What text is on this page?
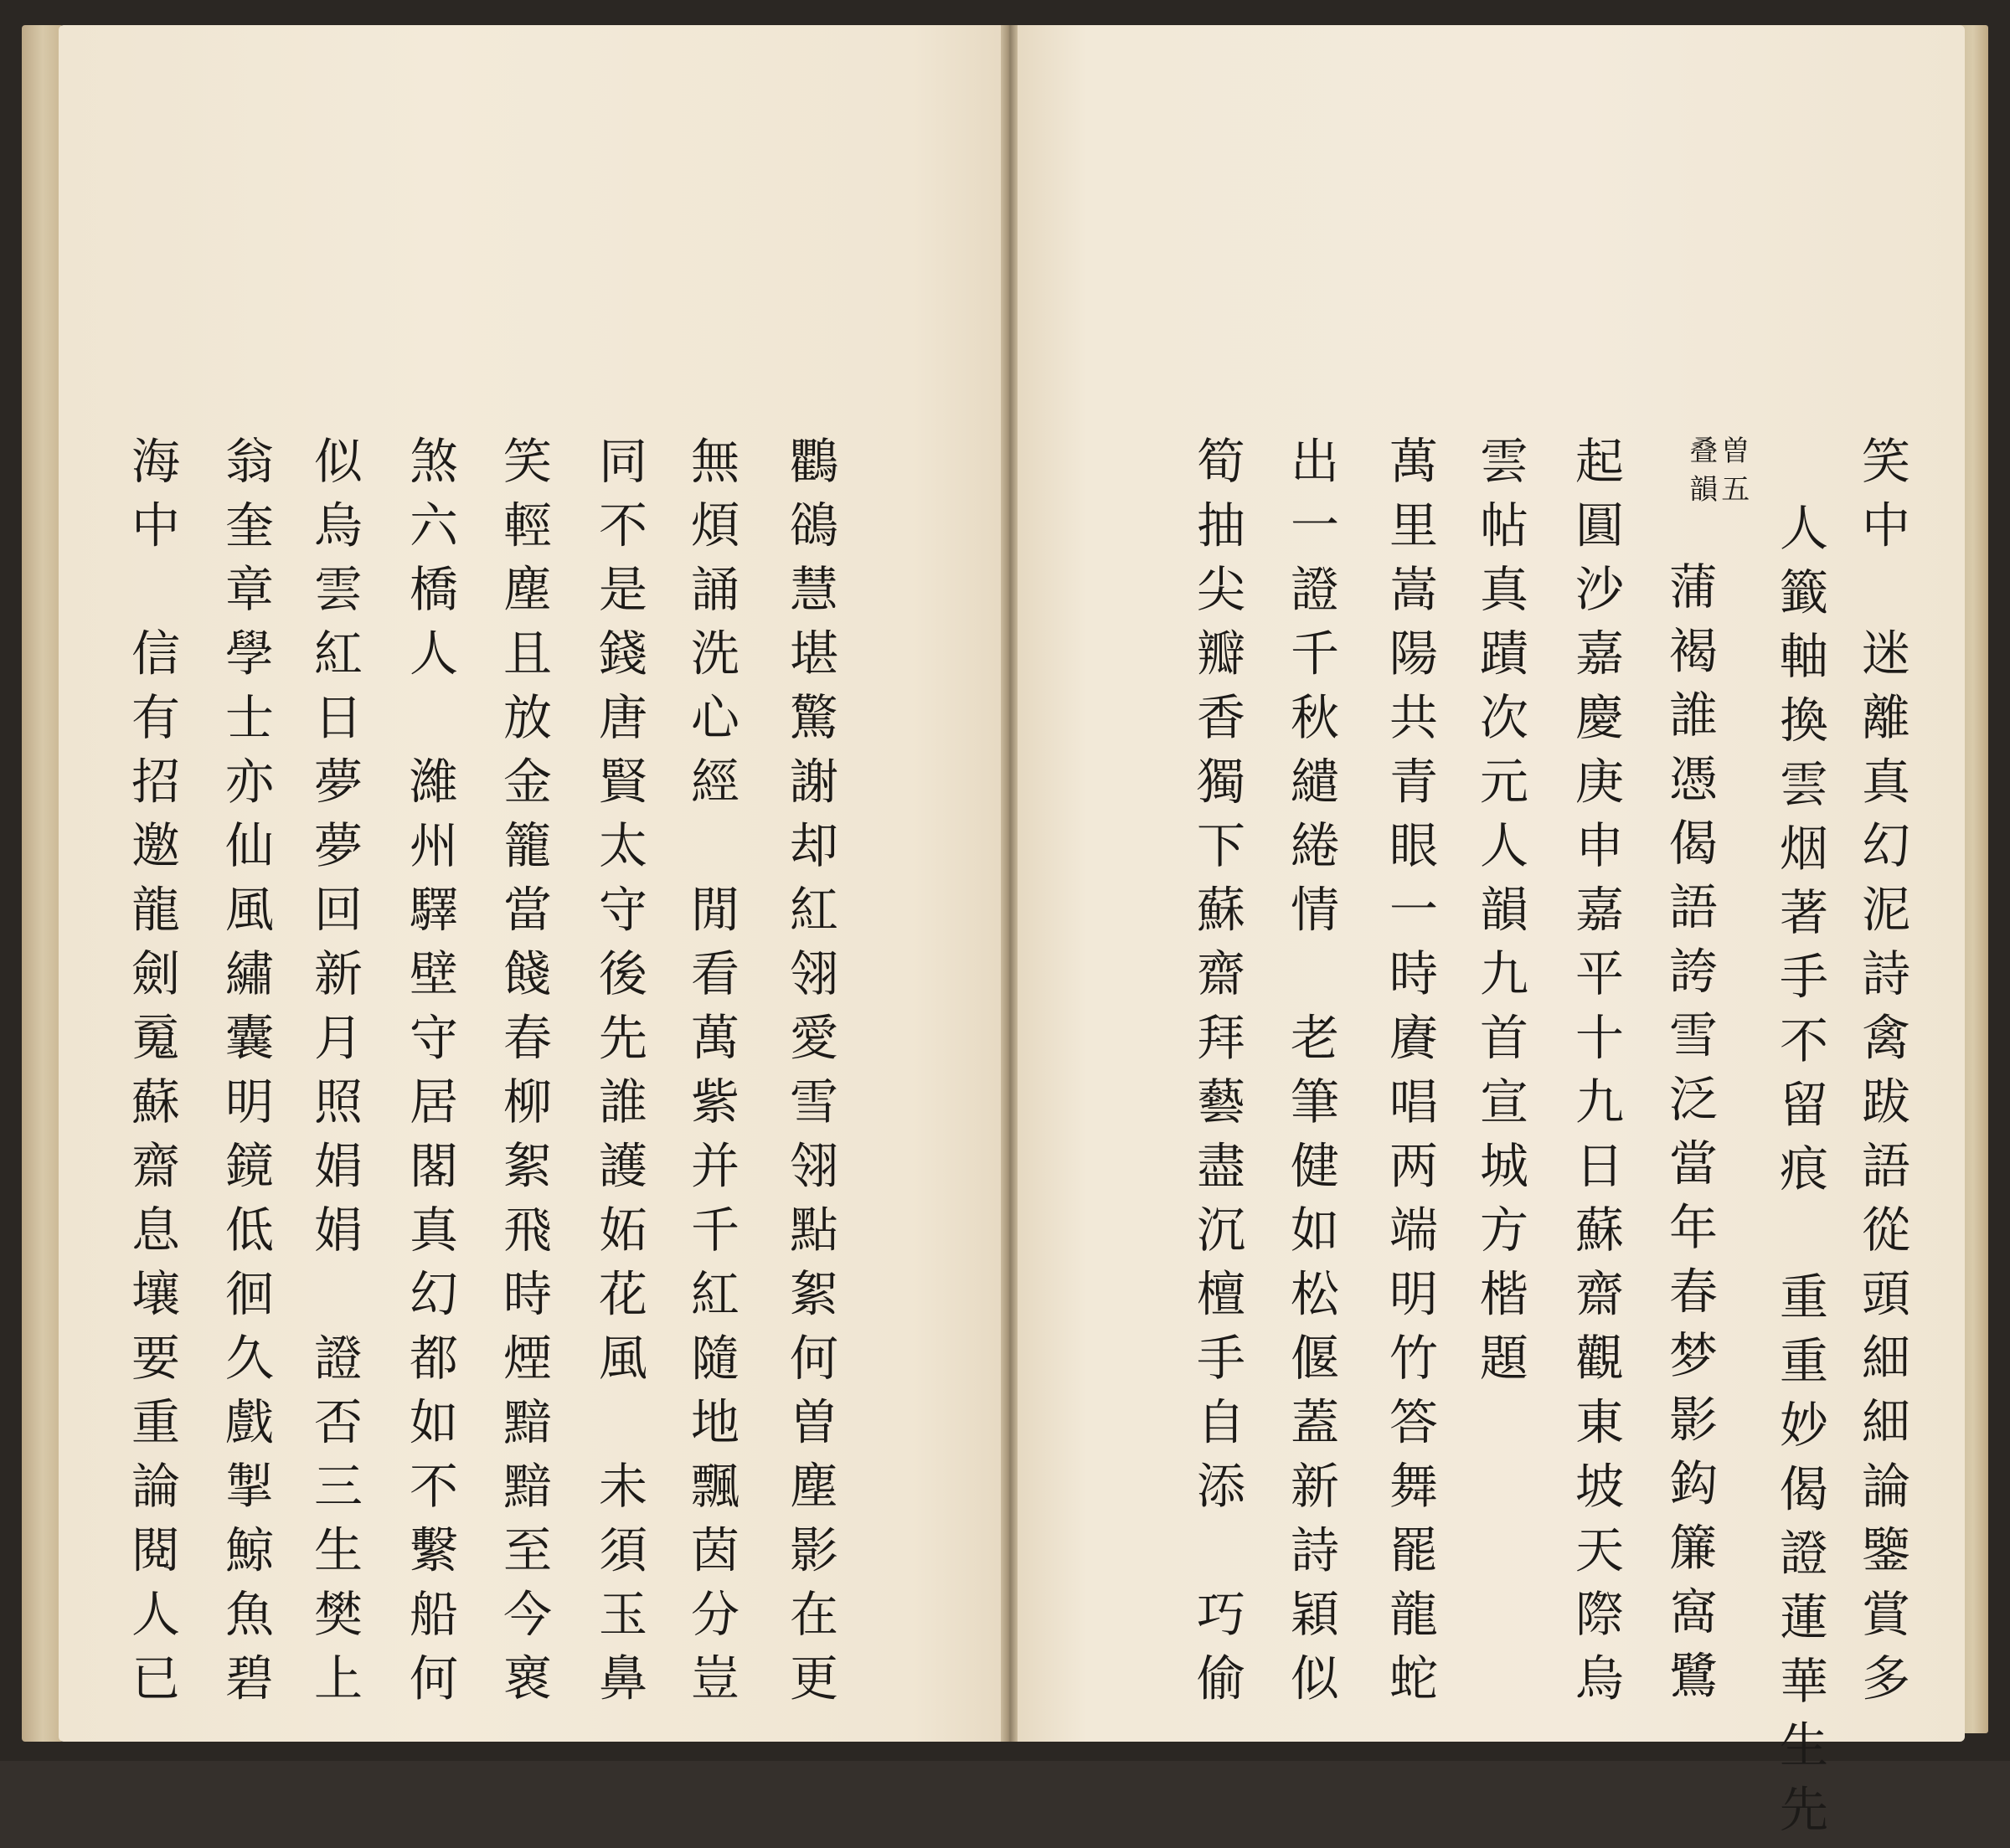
笑中　迷離真幻泥詩禽跋語從頭細細論鑒賞多
人籤軸換雲烟著手不留痕　重重妙偈證蓮華生先
曽五
叠韻
蒲褐誰憑偈語誇雪泛當年春梦影鈎簾窩鷺
起圓沙嘉慶庚申嘉平十九日蘇齋觀東坡天際烏
雲帖真蹟次元人韻九首宣城方楷題
萬里嵩陽共青眼一時賡唱两端明竹答舞罷龍蛇
出一證千秋繾綣情　老筆健如松偃蓋新詩穎似
筍抽尖瓣香獨下蘇齋拜藝盡沉檀手自添　巧偷
鸜鵒慧堪驚謝却紅翎愛雪翎點絮何曽塵影在更
無煩誦洗心經　閒看萬紫并千紅隨地飄茵分豈
同不是錢唐賢太守後先誰護妬花風　未須玉鼻
笑輕塵且放金籠當餞春柳絮飛時煙黯黯至今褱
煞六橋人　濰州驛壁守居閣真幻都如不繫船何
似烏雲紅日夢夢回新月照娟娟　證否三生樊上
翁奎章學士亦仙風繡囊明鏡低徊久戲掣鯨魚碧
海中　信有招邀龍劍䰟蘇齋息壤要重論閱人已
